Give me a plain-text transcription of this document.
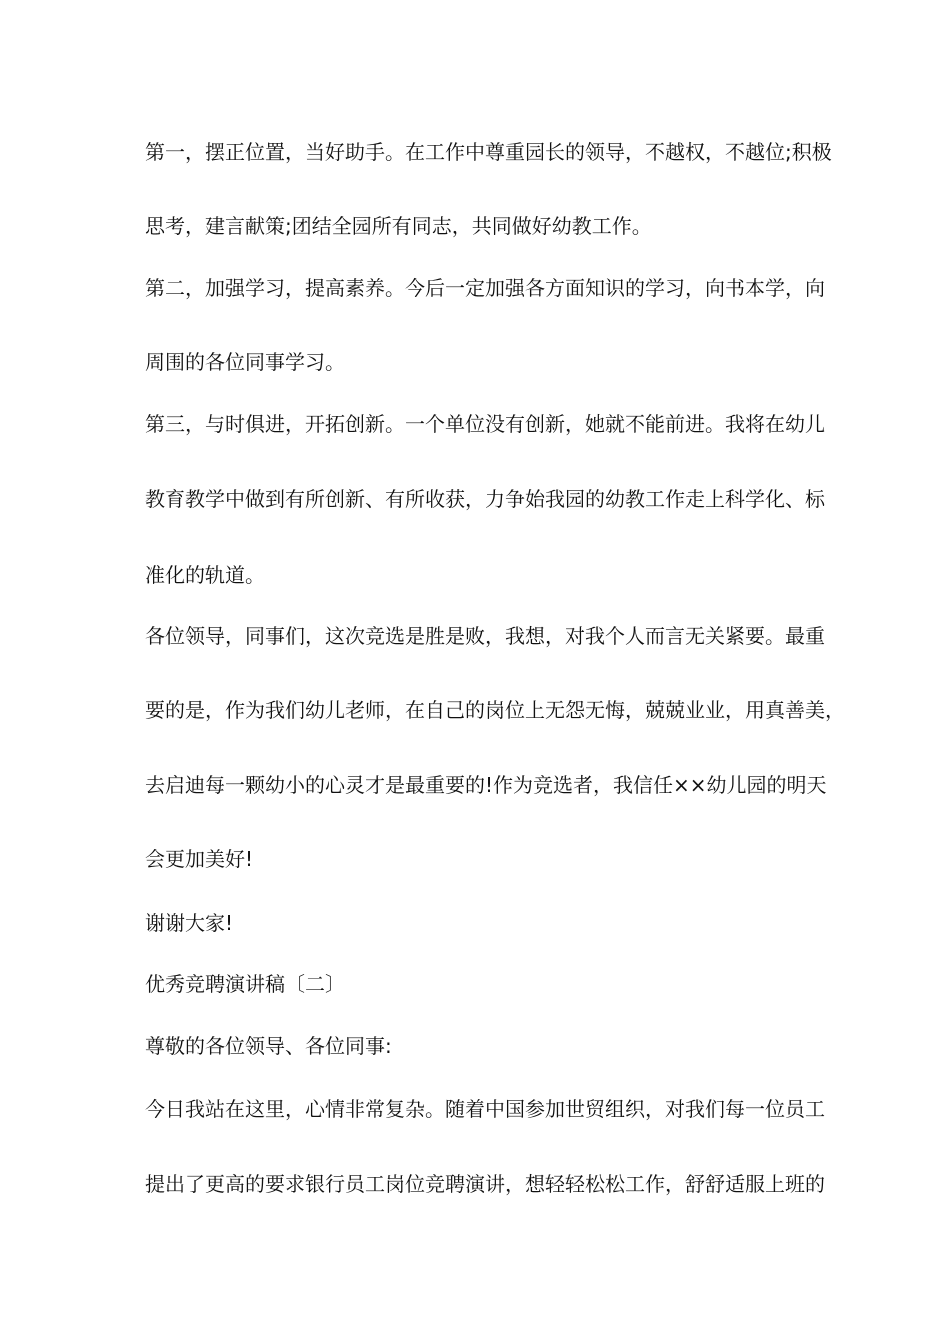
第一，摆正位置，当好助手。在工作中尊重园长的领导，不越权，不越位;积极
思考，建言献策;团结全园所有同志，共同做好幼教工作。
第二，加强学习，提高素养。今后一定加强各方面知识的学习，向书本学，向
周围的各位同事学习。
第三，与时俱进，开拓创新。一个单位没有创新，她就不能前进。我将在幼儿
教育教学中做到有所创新、有所收获，力争始我园的幼教工作走上科学化、标
准化的轨道。
各位领导，同事们，这次竞选是胜是败，我想，对我个人而言无关紧要。最重
要的是，作为我们幼儿老师，在自己的岗位上无怨无悔，兢兢业业，用真善美，
去启迪每一颗幼小的心灵才是最重要的!作为竞选者，我信任××幼儿园的明天
会更加美好!
谢谢大家!
优秀竞聘演讲稿〔二〕
尊敬的各位领导、各位同事:
今日我站在这里，心情非常复杂。随着中国参加世贸组织，对我们每一位员工
提出了更高的要求银行员工岗位竞聘演讲，想轻轻松松工作，舒舒适服上班的
